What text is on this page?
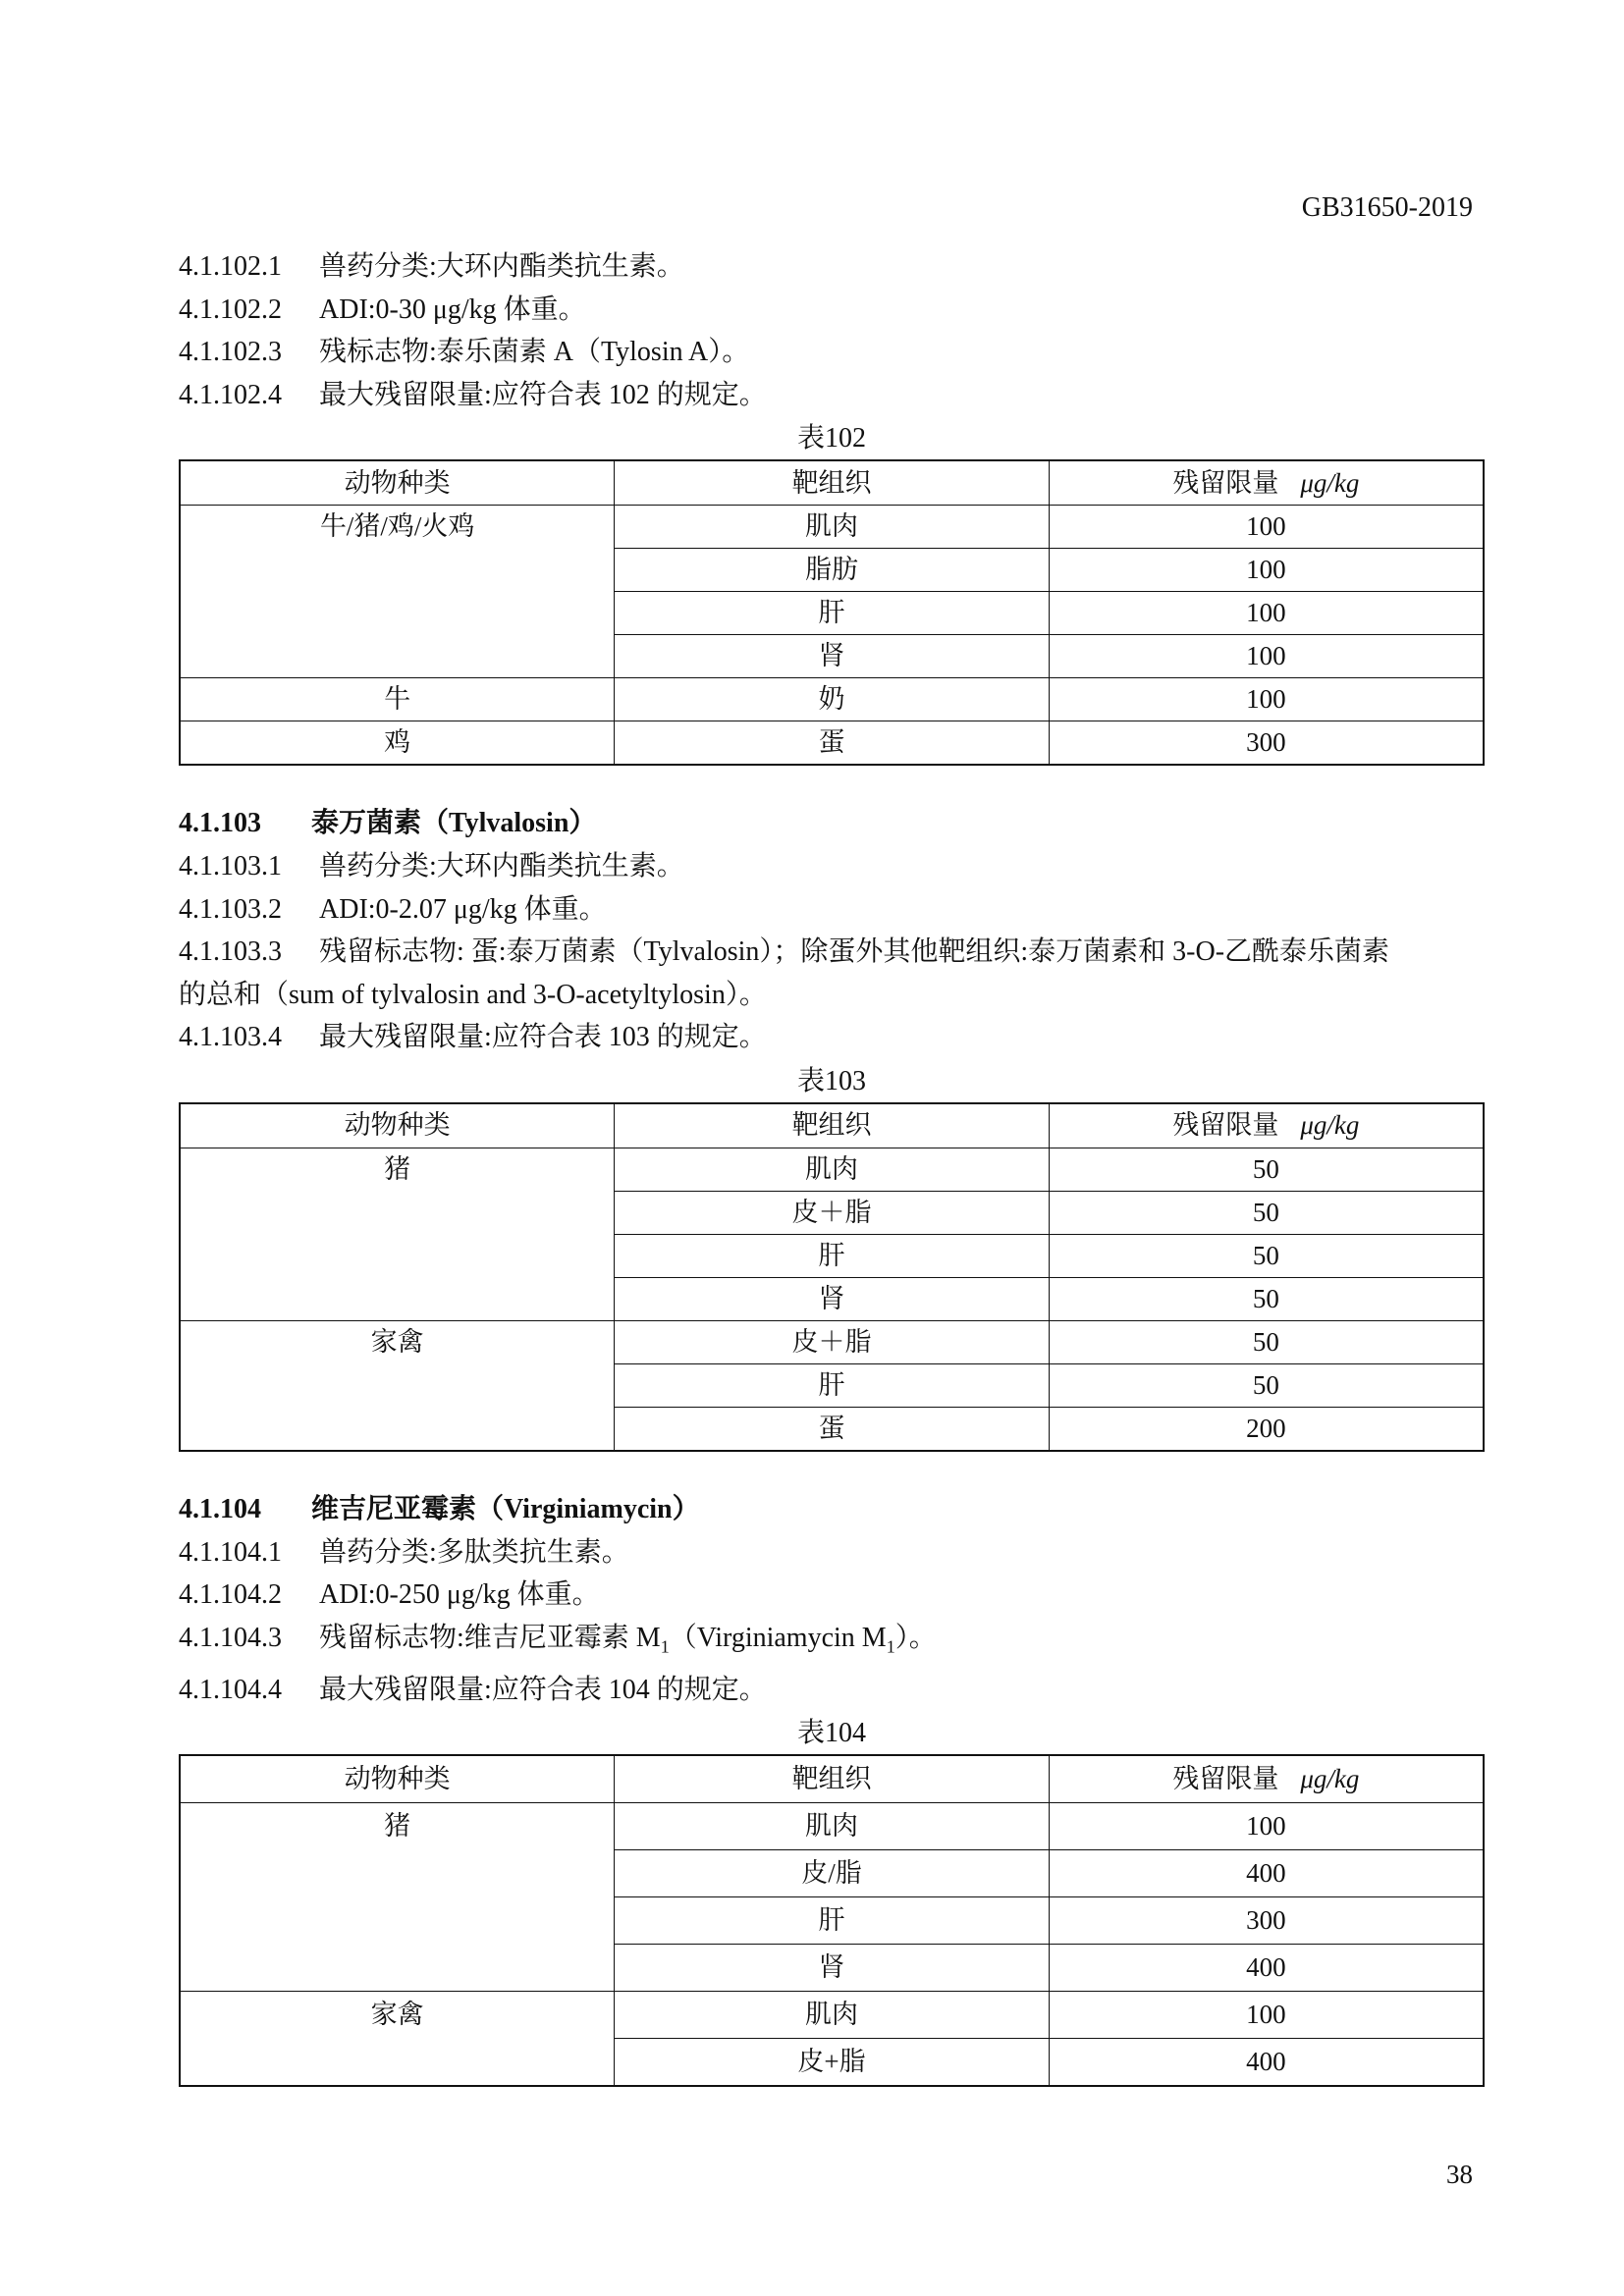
GB31650-2019
4.1.102.1 兽药分类:大环内酯类抗生素。
4.1.102.2 ADI:0-30 μg/kg 体重。
4.1.102.3 残标志物:泰乐菌素 A（Tylosin A）。
4.1.102.4 最大残留限量:应符合表 102 的规定。
表102
动物种类	靶组织	残留限量 μg/kg
牛/猪/鸡/火鸡	肌肉	100
	脂肪	100
	肝	100
	肾	100
牛	奶	100
鸡	蛋	300
4.1.103 泰万菌素（Tylvalosin）
4.1.103.1 兽药分类:大环内酯类抗生素。
4.1.103.2 ADI:0-2.07 μg/kg 体重。
4.1.103.3 残留标志物: 蛋:泰万菌素（Tylvalosin）；除蛋外其他靶组织:泰万菌素和 3-O-乙酰泰乐菌素
的总和（sum of tylvalosin and 3-O-acetyltylosin）。
4.1.103.4 最大残留限量:应符合表 103 的规定。
表103
动物种类	靶组织	残留限量 μg/kg
猪	肌肉	50
	皮＋脂	50
	肝	50
	肾	50
家禽	皮＋脂	50
	肝	50
	蛋	200
4.1.104 维吉尼亚霉素（Virginiamycin）
4.1.104.1 兽药分类:多肽类抗生素。
4.1.104.2 ADI:0-250 μg/kg 体重。
4.1.104.3 残留标志物:维吉尼亚霉素 $M_1(Virginiamycin$ $M_1$）。
4.1.104.4 最大残留限量:应符合表 104 的规定。
表104
动物种类	靶组织	残留限量 μg/kg
猪	肌肉	100
	皮/脂	400
	肝	300
	肾	400
家禽	肌肉	100
	皮+脂	400
38
